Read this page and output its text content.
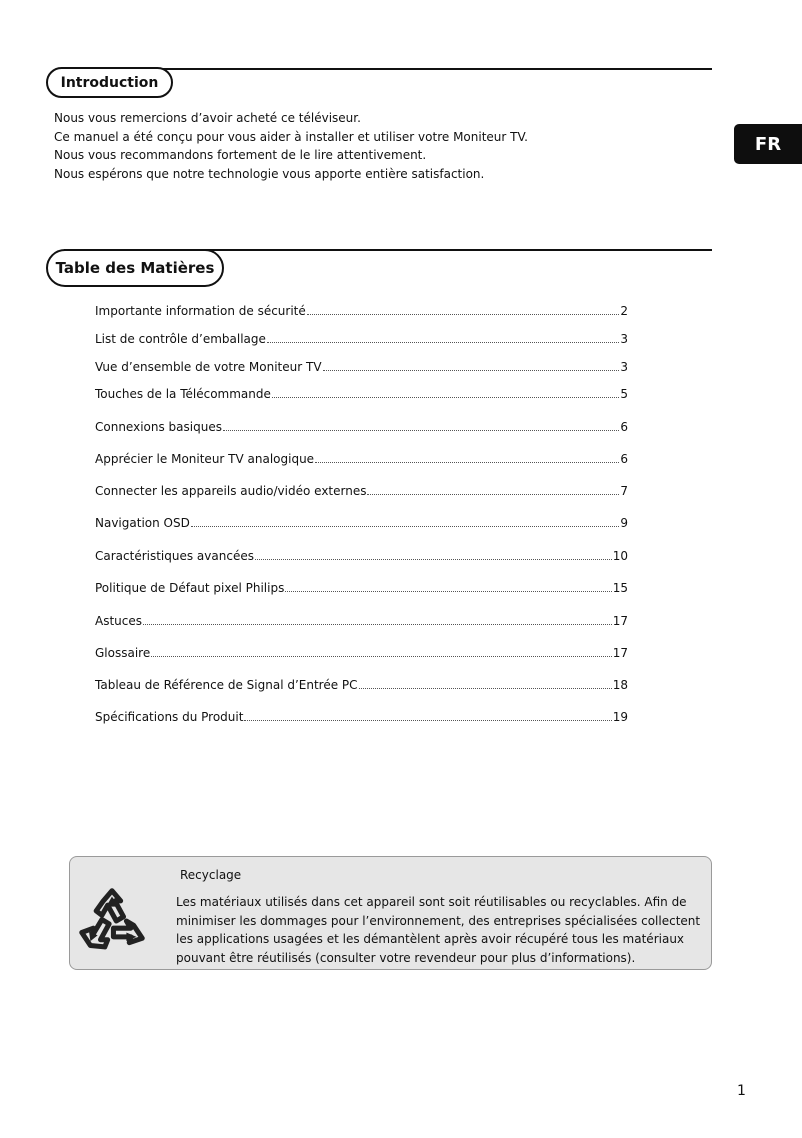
Introduction
Nous vous remercions d’avoir acheté ce téléviseur.
Ce manuel a été conçu pour vous aider à installer et utiliser votre Moniteur TV.
Nous vous recommandons fortement de le lire attentivement.
Nous espérons que notre technologie vous apporte entière satisfaction.
FR
Table des Matières
Importante information de sécurité	2
List de contrôle d’emballage	3
Vue d’ensemble de votre Moniteur TV	3
Touches de la Télécommande	5
Connexions basiques	6
Apprécier le Moniteur TV analogique	6
Connecter les appareils audio/vidéo externes	7
Navigation OSD	9
Caractéristiques avancées	10
Politique de Défaut pixel Philips	15
Astuces	17
Glossaire	17
Tableau de Référence de Signal d’Entrée PC	18
Spécifications du Produit	19
Recyclage
Les matériaux utilisés dans cet appareil sont soit réutilisables ou recyclables. Afin de minimiser les dommages pour l’environnement, des entreprises spécialisées collectent les applications usagées et les démantèlent après avoir récupéré tous les matériaux pouvant être réutilisés (consulter votre revendeur pour plus d’informations).
1
